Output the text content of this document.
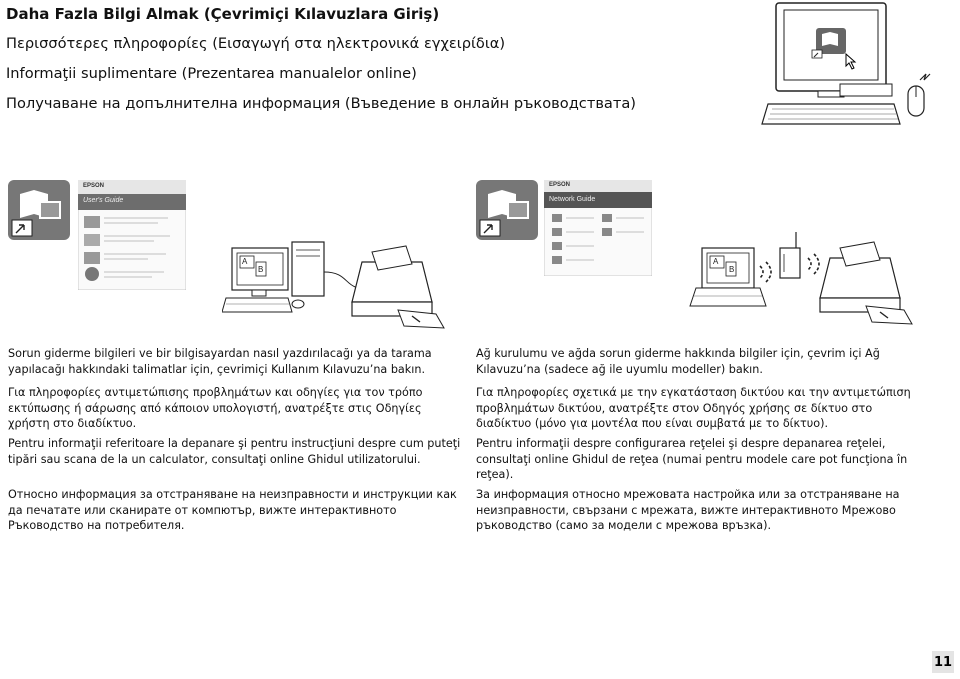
Daha Fazla Bilgi Almak (Çevrimiçi Kılavuzlara Giriş)
Περισσότερες πληροφορίες (Εισαγωγή στα ηλεκτρονικά εγχειρίδια)
Informaţii suplimentare (Prezentarea manualelor online)
Получаване на допълнителна информация (Въведение в онлайн ръководствата)
EPSON
User's Guide
A
B
EPSON
Network Guide
A
B
Sorun giderme bilgileri ve bir bilgisayardan nasıl yazdırılacağı ya da tarama yapılacağı hakkındaki talimatlar için, çevrimiçi Kullanım Kılavuzu’na bakın.
Για πληροφορίες αντιμετώπισης προβλημάτων και οδηγίες για τον τρόπο εκτύπωσης ή σάρωσης από κάποιον υπολογιστή, ανατρέξτε στις Οδηγίες χρήστη στο διαδίκτυο.
Pentru informaţii referitoare la depanare şi pentru instrucţiuni despre cum puteţi tipări sau scana de la un calculator, consultaţi online Ghidul utilizatorului.
Относно информация за отстраняване на неизправности и инструкции как да печатате или сканирате от компютър, вижте интерактивното Ръководство на потребителя.
Ağ kurulumu ve ağda sorun giderme hakkında bilgiler için, çevrim içi Ağ Kılavuzu’na (sadece ağ ile uyumlu modeller) bakın.
Για πληροφορίες σχετικά με την εγκατάσταση δικτύου και την αντιμετώπιση προβλημάτων δικτύου, ανατρέξτε στον Οδηγός χρήσης σε δίκτυο στο διαδίκτυο (μόνο για μοντέλα που είναι συμβατά με το δίκτυο).
Pentru informaţii despre configurarea reţelei şi despre depanarea reţelei, consultaţi online Ghidul de reţea (numai pentru modele care pot funcţiona în reţea).
За информация относно мрежовата настройка или за отстраняване на неизправности, свързани с мрежата, вижте интерактивното Мрежово ръководство (само за модели с мрежова връзка).
11
